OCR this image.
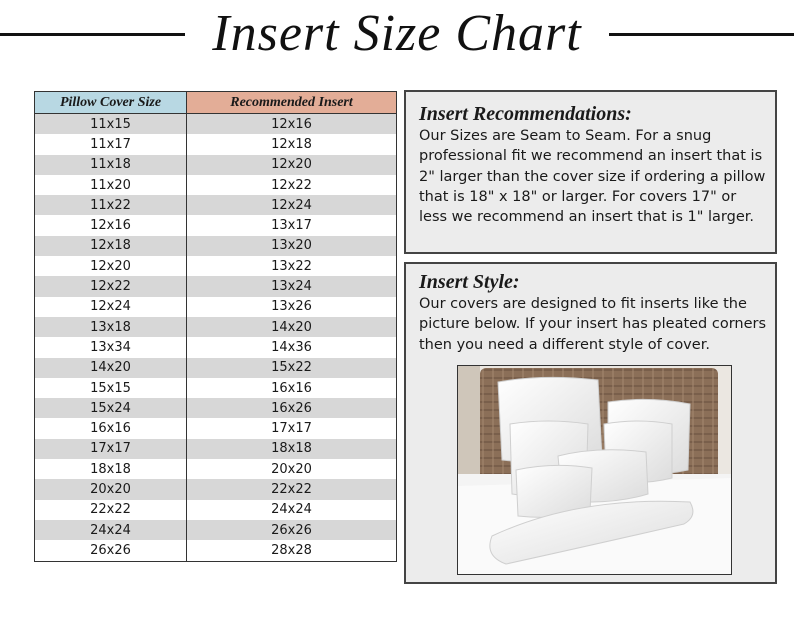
Insert Size Chart
Pillow Cover Size	Recommended Insert
11x15	12x16
11x17	12x18
11x18	12x20
11x20	12x22
11x22	12x24
12x16	13x17
12x18	13x20
12x20	13x22
12x22	13x24
12x24	13x26
13x18	14x20
13x34	14x36
14x20	15x22
15x15	16x16
15x24	16x26
16x16	17x17
17x17	18x18
18x18	20x20
20x20	22x22
22x22	24x24
24x24	26x26
26x26	28x28
Insert Recommendations:

Our Sizes are Seam to Seam. For a snug professional fit we recommend an insert that is 2" larger than the cover size if ordering a pillow that is 18" x 18" or larger. For covers 17" or less we recommend an insert that is 1" larger.

Insert Style:

Our covers are designed to fit inserts like the picture below. If your insert has pleated corners then you need a different style of cover.
